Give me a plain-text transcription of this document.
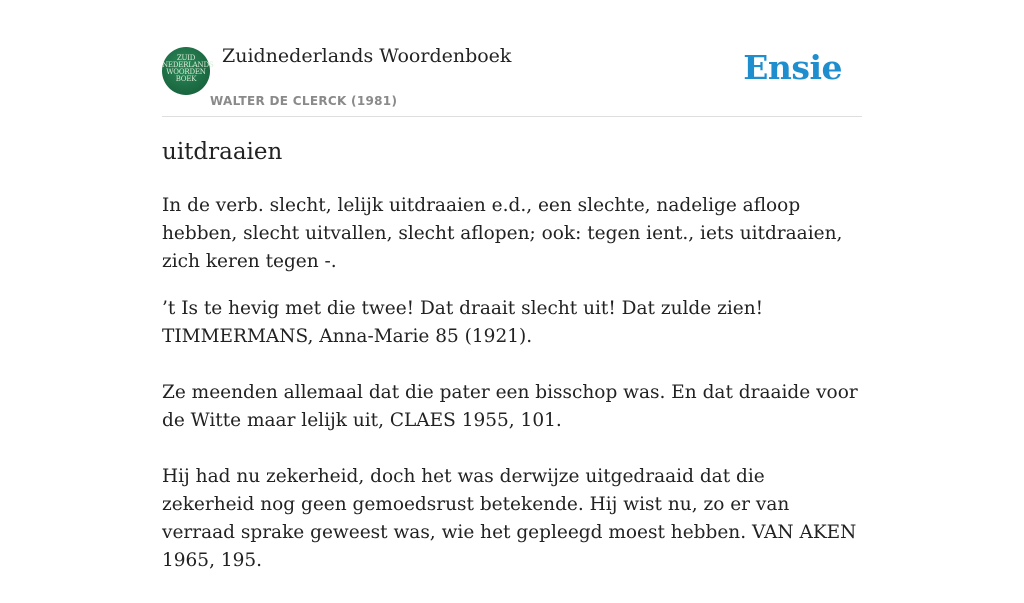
ZUID
NEDERLANDS
WOORDEN
BOEK
Zuidnederlands Woordenboek
WALTER DE CLERCK (1981)
Ensie
uitdraaien

In de verb. slecht, lelijk uitdraaien e.d., een slechte, nadelige afloop hebben, slecht uitvallen, slecht aflopen; ook: tegen ient., iets uitdraaien, zich keren tegen -.

’t Is te hevig met die twee! Dat draait slecht uit! Dat zulde zien! TIMMERMANS, Anna-Marie 85 (1921).

Ze meenden allemaal dat die pater een bisschop was. En dat draaide voor de Witte maar lelijk uit, CLAES 1955, 101.

Hij had nu zekerheid, doch het was derwijze uitgedraaid dat die zekerheid nog geen gemoedsrust betekende. Hij wist nu, zo er van verraad sprake geweest was, wie het gepleegd moest hebben. VAN AKEN 1965, 195.
